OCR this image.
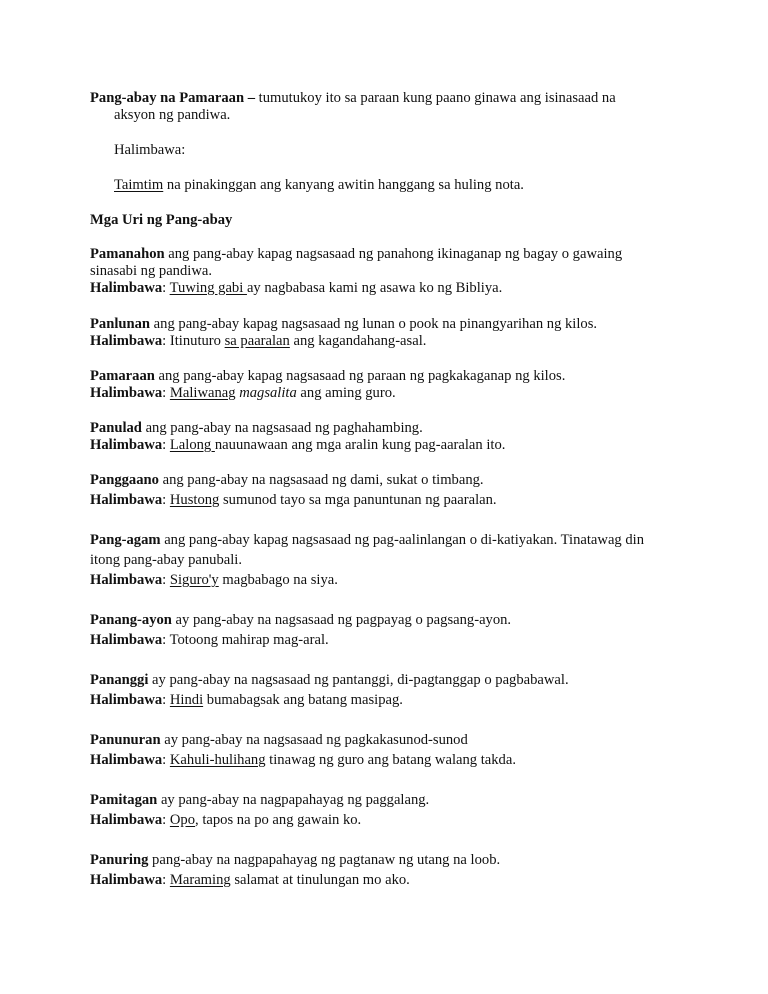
Pang-abay na Pamaraan – tumutukoy ito sa paraan kung paano ginawa ang isinasaad na
aksyon ng pandiwa.
Halimbawa:
Taimtim na pinakinggan ang kanyang awitin hanggang sa huling nota.
Mga Uri ng Pang-abay
Pamanahon ang pang-abay kapag nagsasaad ng panahong ikinaganap ng bagay o gawaing
sinasabi ng pandiwa.
Halimbawa: Tuwing gabi ay nagbabasa kami ng asawa ko ng Bibliya.
Panlunan ang pang-abay kapag nagsasaad ng lunan o pook na pinangyarihan ng kilos.
Halimbawa: Itinuturo sa paaralan ang kagandahang-asal.
Pamaraan ang pang-abay kapag nagsasaad ng paraan ng pagkakaganap ng kilos.
Halimbawa: Maliwanag magsalita ang aming guro.
Panulad ang pang-abay na nagsasaad ng paghahambing.
Halimbawa: Lalong nauunawaan ang mga aralin kung pag-aaralan ito.
Panggaano ang pang-abay na nagsasaad ng dami, sukat o timbang.
Halimbawa: Hustong sumunod tayo sa mga panuntunan ng paaralan.
Pang-agam ang pang-abay kapag nagsasaad ng pag-aalinlangan o di-katiyakan. Tinatawag din
itong pang-abay panubali.
Halimbawa: Siguro'y magbabago na siya.
Panang-ayon ay pang-abay na nagsasaad ng pagpayag o pagsang-ayon.
Halimbawa: Totoong mahirap mag-aral.
Pananggi ay pang-abay na nagsasaad ng pantanggi, di-pagtanggap o pagbabawal.
Halimbawa: Hindi bumabagsak ang batang masipag.
Panunuran ay pang-abay na nagsasaad ng pagkakasunod-sunod
Halimbawa: Kahuli-hulihang tinawag ng guro ang batang walang takda.
Pamitagan ay pang-abay na nagpapahayag ng paggalang.
Halimbawa: Opo, tapos na po ang gawain ko.
Panuring pang-abay na nagpapahayag ng pagtanaw ng utang na loob.
Halimbawa: Maraming salamat at tinulungan mo ako.
